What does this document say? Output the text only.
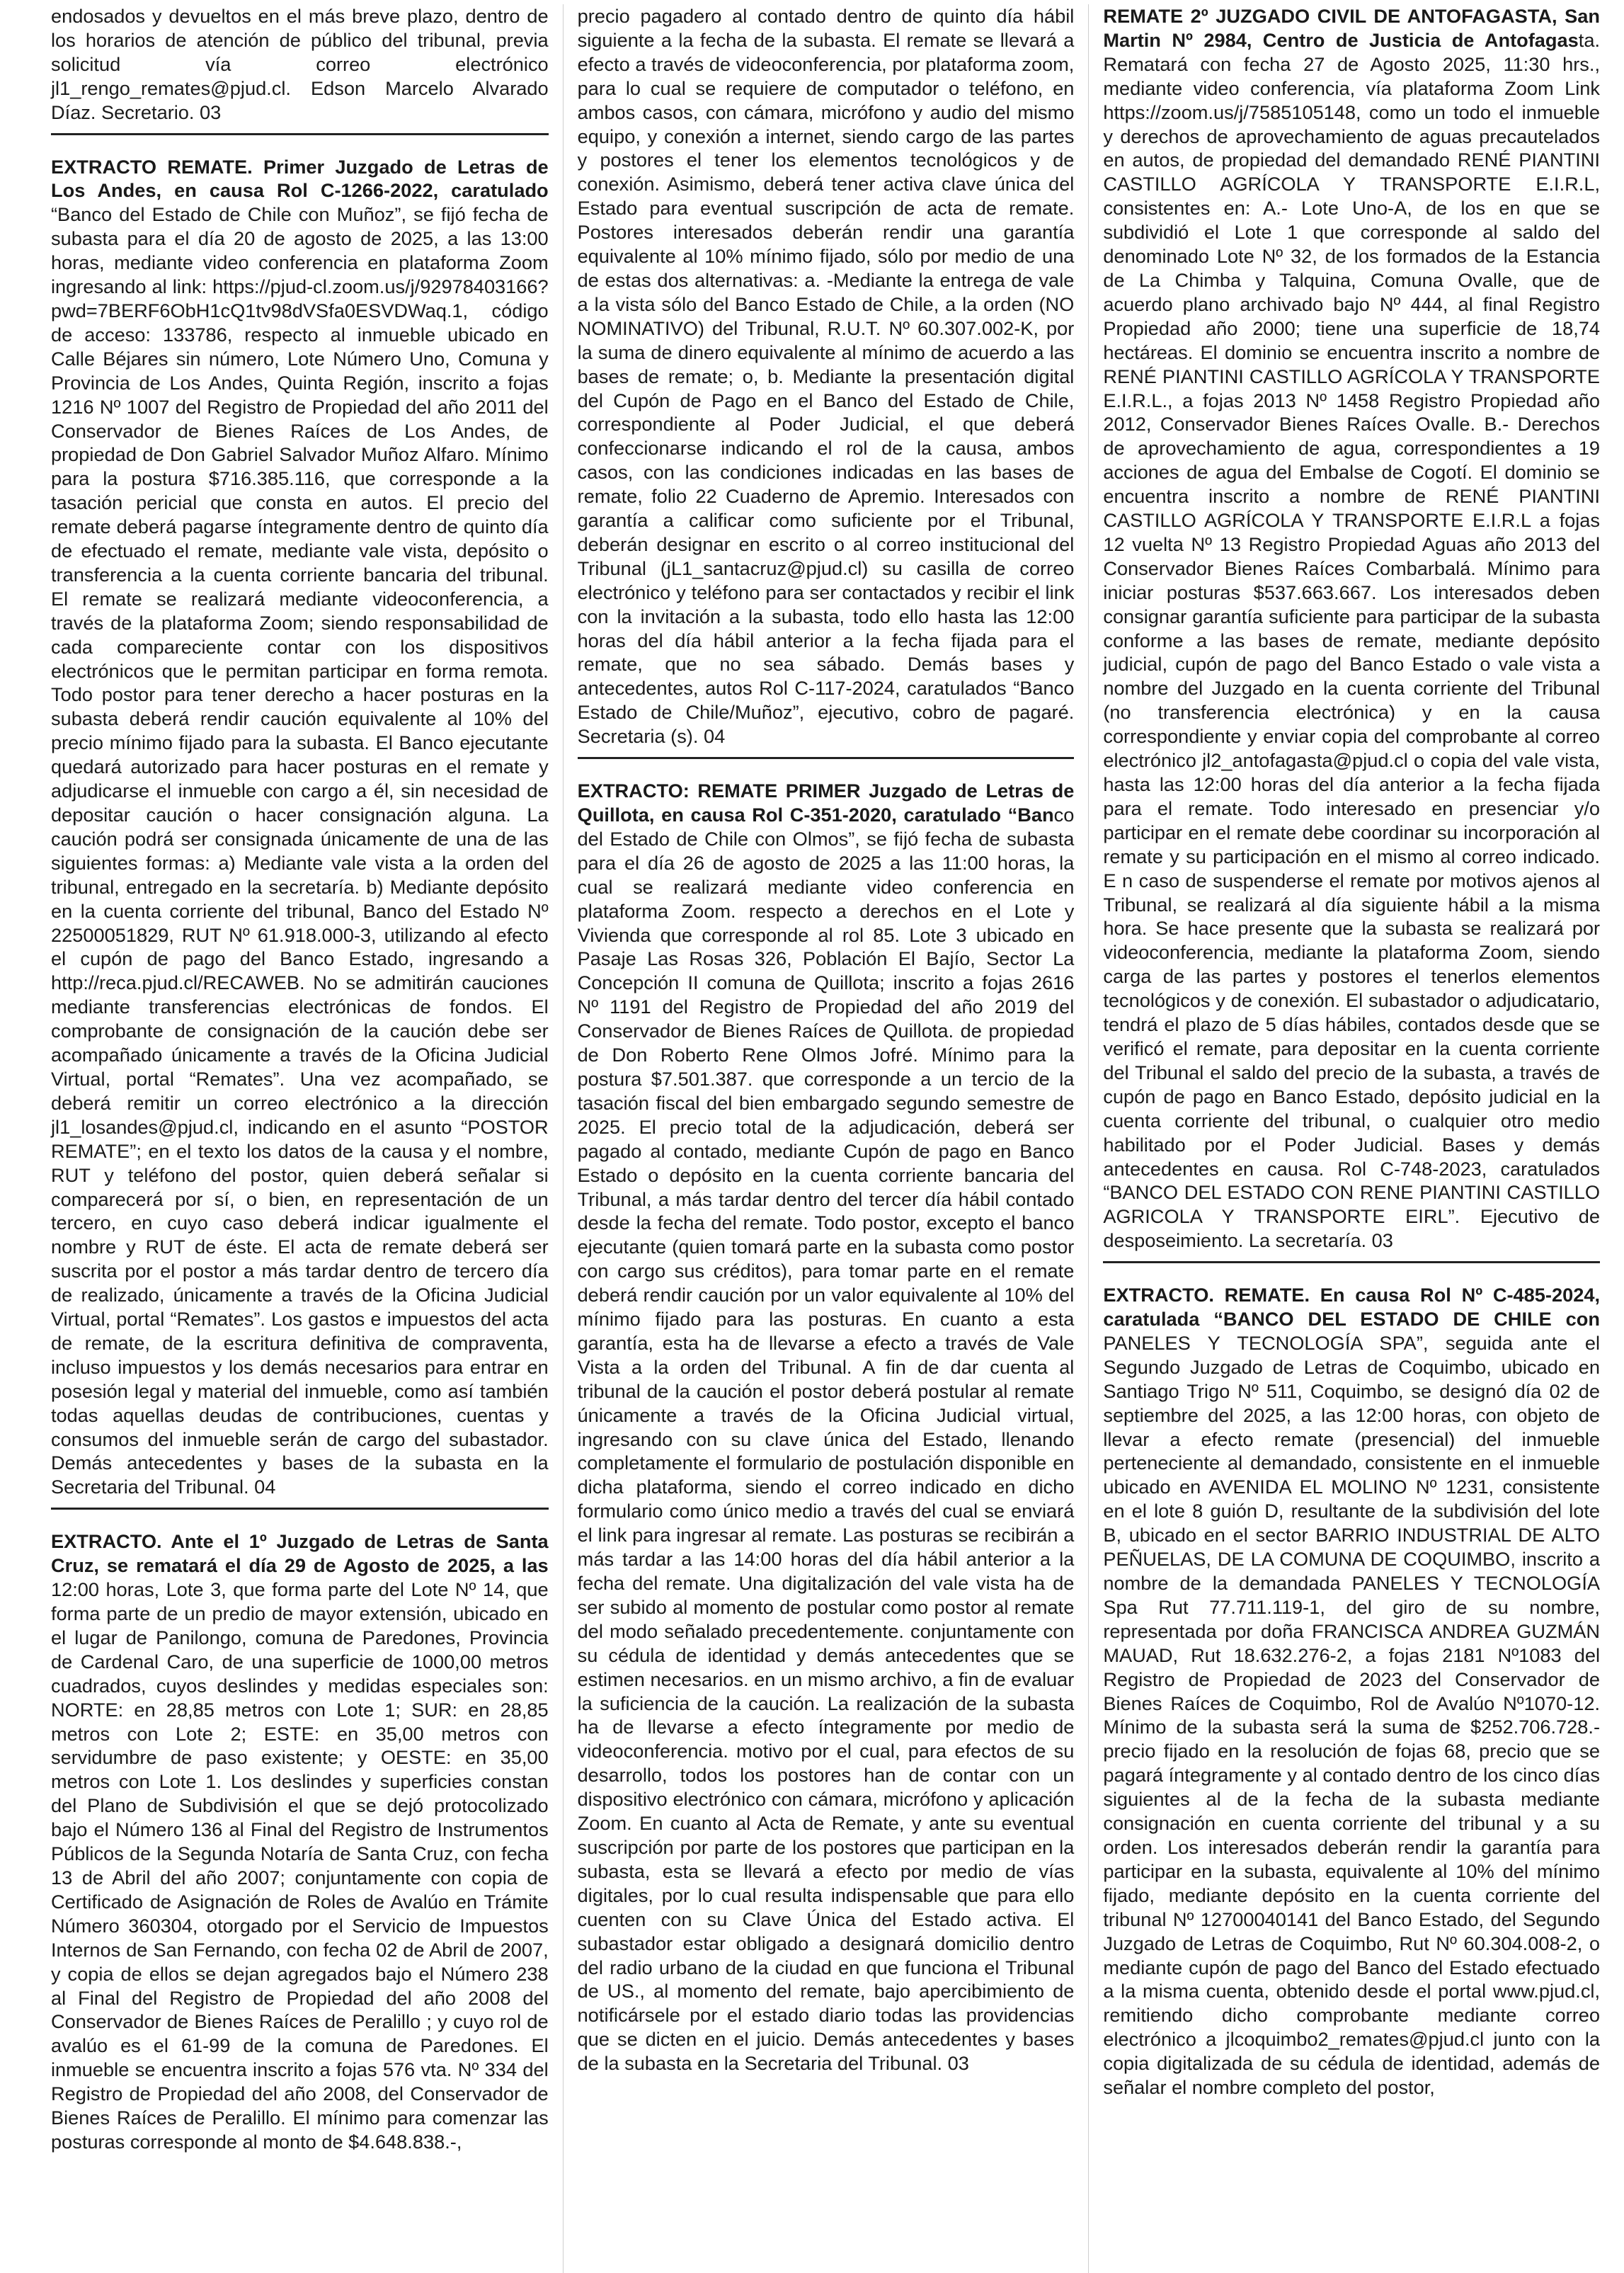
endosados y devueltos en el más breve plazo, dentro de los horarios de atención de público del tribunal, previa solicitud vía correo electrónico jl1_rengo_remates@pjud.cl. Edson Marcelo Alvarado Díaz. Secretario. 03

EXTRACTO REMATE. Primer Juzgado de Letras de Los Andes, en causa Rol C-1266-2022, caratulado “Banco del Estado de Chile con Muñoz”, se fijó fecha de subasta para el día 20 de agosto de 2025, a las 13:00 horas, mediante video conferencia en plataforma Zoom ingresando al link: https://pjud-cl.zoom.us/j/92978403166?pwd=7BERF6ObH1cQ1tv98dVSfa0ESVDWaq.1, código de acceso: 133786, respecto al inmueble ubicado en Calle Béjares sin número, Lote Número Uno, Comuna y Provincia de Los Andes, Quinta Región, inscrito a fojas 1216 Nº 1007 del Registro de Propiedad del año 2011 del Conservador de Bienes Raíces de Los Andes, de propiedad de Don Gabriel Salvador Muñoz Alfaro. Mínimo para la postura $716.385.116, que corresponde a la tasación pericial que consta en autos. El precio del remate deberá pagarse íntegramente dentro de quinto día de efectuado el remate, mediante vale vista, depósito o transferencia a la cuenta corriente bancaria del tribunal. El remate se realizará mediante videoconferencia, a través de la plataforma Zoom; siendo responsabilidad de cada compareciente contar con los dispositivos electrónicos que le permitan participar en forma remota. Todo postor para tener derecho a hacer posturas en la subasta deberá rendir caución equivalente al 10% del precio mínimo fijado para la subasta. El Banco ejecutante quedará autorizado para hacer posturas en el remate y adjudicarse el inmueble con cargo a él, sin necesidad de depositar caución o hacer consignación alguna. La caución podrá ser consignada únicamente de una de las siguientes formas: a) Mediante vale vista a la orden del tribunal, entregado en la secretaría. b) Mediante depósito en la cuenta corriente del tribunal, Banco del Estado Nº 22500051829, RUT Nº 61.918.000-3, utilizando al efecto el cupón de pago del Banco Estado, ingresando a http://reca.pjud.cl/RECAWEB. No se admitirán cauciones mediante transferencias electrónicas de fondos. El comprobante de consignación de la caución debe ser acompañado únicamente a través de la Oficina Judicial Virtual, portal “Remates”. Una vez acompañado, se deberá remitir un correo electrónico a la dirección jl1_losandes@pjud.cl, indicando en el asunto “POSTOR REMATE”; en el texto los datos de la causa y el nombre, RUT y teléfono del postor, quien deberá señalar si comparecerá por sí, o bien, en representación de un tercero, en cuyo caso deberá indicar igualmente el nombre y RUT de éste. El acta de remate deberá ser suscrita por el postor a más tardar dentro de tercero día de realizado, únicamente a través de la Oficina Judicial Virtual, portal “Remates”. Los gastos e impuestos del acta de remate, de la escritura definitiva de compraventa, incluso impuestos y los demás necesarios para entrar en posesión legal y material del inmueble, como así también todas aquellas deudas de contribuciones, cuentas y consumos del inmueble serán de cargo del subastador. Demás antecedentes y bases de la subasta en la Secretaria del Tribunal. 04

EXTRACTO. Ante el 1º Juzgado de Letras de Santa Cruz, se rematará el día 29 de Agosto de 2025, a las 12:00 horas, Lote 3, que forma parte del Lote Nº 14, que forma parte de un predio de mayor extensión, ubicado en el lugar de Panilongo, comuna de Paredones, Provincia de Cardenal Caro, de una superficie de 1000,00 metros cuadrados, cuyos deslindes y medidas especiales son: NORTE: en 28,85 metros con Lote 1; SUR: en 28,85 metros con Lote 2; ESTE: en 35,00 metros con servidumbre de paso existente; y OESTE: en 35,00 metros con Lote 1. Los deslindes y superficies constan del Plano de Subdivisión el que se dejó protocolizado bajo el Número 136 al Final del Registro de Instrumentos Públicos de la Segunda Notaría de Santa Cruz, con fecha 13 de Abril del año 2007; conjuntamente con copia de Certificado de Asignación de Roles de Avalúo en Trámite Número 360304, otorgado por el Servicio de Impuestos Internos de San Fernando, con fecha 02 de Abril de 2007, y copia de ellos se dejan agregados bajo el Número 238 al Final del Registro de Propiedad del año 2008 del Conservador de Bienes Raíces de Peralillo ; y cuyo rol de avalúo es el 61-99 de la comuna de Paredones. El inmueble se encuentra inscrito a fojas 576 vta. Nº 334 del Registro de Propiedad del año 2008, del Conservador de Bienes Raíces de Peralillo. El mínimo para comenzar las posturas corresponde al monto de $4.648.838.-,

precio pagadero al contado dentro de quinto día hábil siguiente a la fecha de la subasta. El remate se llevará a efecto a través de videoconferencia, por plataforma zoom, para lo cual se requiere de computador o teléfono, en ambos casos, con cámara, micrófono y audio del mismo equipo, y conexión a internet, siendo cargo de las partes y postores el tener los elementos tecnológicos y de conexión. Asimismo, deberá tener activa clave única del Estado para eventual suscripción de acta de remate. Postores interesados deberán rendir una garantía equivalente al 10% mínimo fijado, sólo por medio de una de estas dos alternativas: a. -Mediante la entrega de vale a la vista sólo del Banco Estado de Chile, a la orden (NO NOMINATIVO) del Tribunal, R.U.T. Nº 60.307.002-K, por la suma de dinero equivalente al mínimo de acuerdo a las bases de remate; o, b. Mediante la presentación digital del Cupón de Pago en el Banco del Estado de Chile, correspondiente al Poder Judicial, el que deberá confeccionarse indicando el rol de la causa, ambos casos, con las condiciones indicadas en las bases de remate, folio 22 Cuaderno de Apremio. Interesados con garantía a calificar como suficiente por el Tribunal, deberán designar en escrito o al correo institucional del Tribunal (jL1_santacruz@pjud.cl) su casilla de correo electrónico y teléfono para ser contactados y recibir el link con la invitación a la subasta, todo ello hasta las 12:00 horas del día hábil anterior a la fecha fijada para el remate, que no sea sábado. Demás bases y antecedentes, autos Rol C-117-2024, caratulados “Banco Estado de Chile/Muñoz”, ejecutivo, cobro de pagaré. Secretaria (s). 04

EXTRACTO: REMATE PRIMER Juzgado de Letras de Quillota, en causa Rol C-351-2020, caratulado “Banco del Estado de Chile con Olmos”, se fijó fecha de subasta para el día 26 de agosto de 2025 a las 11:00 horas, la cual se realizará mediante video conferencia en plataforma Zoom. respecto a derechos en el Lote y Vivienda que corresponde al rol 85. Lote 3 ubicado en Pasaje Las Rosas 326, Población El Bajío, Sector La Concepción II comuna de Quillota; inscrito a fojas 2616 Nº 1191 del Registro de Propiedad del año 2019 del Conservador de Bienes Raíces de Quillota. de propiedad de Don Roberto Rene Olmos Jofré. Mínimo para la postura $7.501.387. que corresponde a un tercio de la tasación fiscal del bien embargado segundo semestre de 2025. El precio total de la adjudicación, deberá ser pagado al contado, mediante Cupón de pago en Banco Estado o depósito en la cuenta corriente bancaria del Tribunal, a más tardar dentro del tercer día hábil contado desde la fecha del remate. Todo postor, excepto el banco ejecutante (quien tomará parte en la subasta como postor con cargo sus créditos), para tomar parte en el remate deberá rendir caución por un valor equivalente al 10% del mínimo fijado para las posturas. En cuanto a esta garantía, esta ha de llevarse a efecto a través de Vale Vista a la orden del Tribunal. A fin de dar cuenta al tribunal de la caución el postor deberá postular al remate únicamente a través de la Oficina Judicial virtual, ingresando con su clave única del Estado, llenando completamente el formulario de postulación disponible en dicha plataforma, siendo el correo indicado en dicho formulario como único medio a través del cual se enviará el link para ingresar al remate. Las posturas se recibirán a más tardar a las 14:00 horas del día hábil anterior a la fecha del remate. Una digitalización del vale vista ha de ser subido al momento de postular como postor al remate del modo señalado precedentemente. conjuntamente con su cédula de identidad y demás antecedentes que se estimen necesarios. en un mismo archivo, a fin de evaluar la suficiencia de la caución. La realización de la subasta ha de llevarse a efecto íntegramente por medio de videoconferencia. motivo por el cual, para efectos de su desarrollo, todos los postores han de contar con un dispositivo electrónico con cámara, micrófono y aplicación Zoom. En cuanto al Acta de Remate, y ante su eventual suscripción por parte de los postores que participan en la subasta, esta se llevará a efecto por medio de vías digitales, por lo cual resulta indispensable que para ello cuenten con su Clave Única del Estado activa. El subastador estar obligado a designará domicilio dentro del radio urbano de la ciudad en que funciona el Tribunal de US., al momento del remate, bajo apercibimiento de notificársele por el estado diario todas las providencias que se dicten en el juicio. Demás antecedentes y bases de la subasta en la Secretaria del Tribunal. 03

REMATE 2º JUZGADO CIVIL DE ANTOFAGASTA, San Martin Nº 2984, Centro de Justicia de Antofagasta. Rematará con fecha 27 de Agosto 2025, 11:30 hrs., mediante video conferencia, vía plataforma Zoom Link https://zoom.us/j/7585105148, como un todo el inmueble y derechos de aprovechamiento de aguas precautelados en autos, de propiedad del demandado RENÉ PIANTINI CASTILLO AGRÍCOLA Y TRANSPORTE E.I.R.L, consistentes en: A.- Lote Uno-A, de los en que se subdividió el Lote 1 que corresponde al saldo del denominado Lote Nº 32, de los formados de la Estancia de La Chimba y Talquina, Comuna Ovalle, que de acuerdo plano archivado bajo Nº 444, al final Registro Propiedad año 2000; tiene una superficie de 18,74 hectáreas. El dominio se encuentra inscrito a nombre de RENÉ PIANTINI CASTILLO AGRÍCOLA Y TRANSPORTE E.I.R.L., a fojas 2013 Nº 1458 Registro Propiedad año 2012, Conservador Bienes Raíces Ovalle. B.- Derechos de aprovechamiento de agua, correspondientes a 19 acciones de agua del Embalse de Cogotí. El dominio se encuentra inscrito a nombre de RENÉ PIANTINI CASTILLO AGRÍCOLA Y TRANSPORTE E.I.R.L a fojas 12 vuelta Nº 13 Registro Propiedad Aguas año 2013 del Conservador Bienes Raíces Combarbalá. Mínimo para iniciar posturas $537.663.667. Los interesados deben consignar garantía suficiente para participar de la subasta conforme a las bases de remate, mediante depósito judicial, cupón de pago del Banco Estado o vale vista a nombre del Juzgado en la cuenta corriente del Tribunal (no transferencia electrónica) y en la causa correspondiente y enviar copia del comprobante al correo electrónico jl2_antofagasta@pjud.cl o copia del vale vista, hasta las 12:00 horas del día anterior a la fecha fijada para el remate. Todo interesado en presenciar y/o participar en el remate debe coordinar su incorporación al remate y su participación en el mismo al correo indicado. E n caso de suspenderse el remate por motivos ajenos al Tribunal, se realizará al día siguiente hábil a la misma hora. Se hace presente que la subasta se realizará por videoconferencia, mediante la plataforma Zoom, siendo carga de las partes y postores el tenerlos elementos tecnológicos y de conexión. El subastador o adjudicatario, tendrá el plazo de 5 días hábiles, contados desde que se verificó el remate, para depositar en la cuenta corriente del Tribunal el saldo del precio de la subasta, a través de cupón de pago en Banco Estado, depósito judicial en la cuenta corriente del tribunal, o cualquier otro medio habilitado por el Poder Judicial. Bases y demás antecedentes en causa. Rol C-748-2023, caratulados “BANCO DEL ESTADO CON RENE PIANTINI CASTILLO AGRICOLA Y TRANSPORTE EIRL”. Ejecutivo de desposeimiento. La secretaría. 03

EXTRACTO. REMATE. En causa Rol Nº C-485-2024, caratulada “BANCO DEL ESTADO DE CHILE con PANELES Y TECNOLOGÍA SPA”, seguida ante el Segundo Juzgado de Letras de Coquimbo, ubicado en Santiago Trigo Nº 511, Coquimbo, se designó día 02 de septiembre del 2025, a las 12:00 horas, con objeto de llevar a efecto remate (presencial) del inmueble perteneciente al demandado, consistente en el inmueble ubicado en AVENIDA EL MOLINO Nº 1231, consistente en el lote 8 guión D, resultante de la subdivisión del lote B, ubicado en el sector BARRIO INDUSTRIAL DE ALTO PEÑUELAS, DE LA COMUNA DE COQUIMBO, inscrito a nombre de la demandada PANELES Y TECNOLOGÍA Spa Rut 77.711.119-1, del giro de su nombre, representada por doña FRANCISCA ANDREA GUZMÁN MAUAD, Rut 18.632.276-2, a fojas 2181 Nº1083 del Registro de Propiedad de 2023 del Conservador de Bienes Raíces de Coquimbo, Rol de Avalúo Nº1070-12. Mínimo de la subasta será la suma de $252.706.728.- precio fijado en la resolución de fojas 68, precio que se pagará íntegramente y al contado dentro de los cinco días siguientes al de la fecha de la subasta mediante consignación en cuenta corriente del tribunal y a su orden. Los interesados deberán rendir la garantía para participar en la subasta, equivalente al 10% del mínimo fijado, mediante depósito en la cuenta corriente del tribunal Nº 12700040141 del Banco Estado, del Segundo Juzgado de Letras de Coquimbo, Rut Nº 60.304.008-2, o mediante cupón de pago del Banco del Estado efectuado a la misma cuenta, obtenido desde el portal www.pjud.cl, remitiendo dicho comprobante mediante correo electrónico a jlcoquimbo2_remates@pjud.cl junto con la copia digitalizada de su cédula de identidad, además de señalar el nombre completo del postor,
